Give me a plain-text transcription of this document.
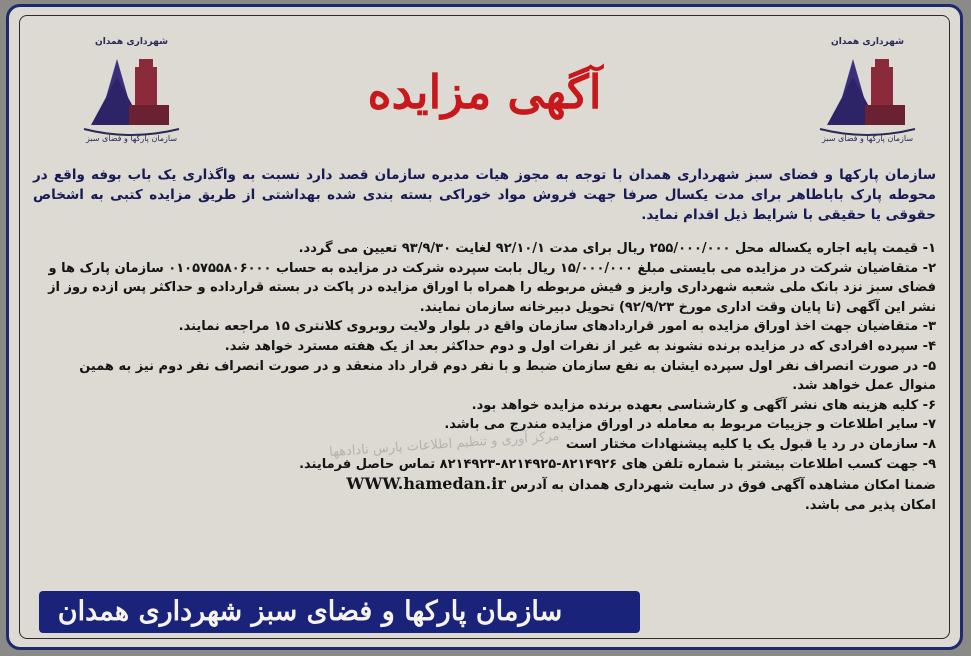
شهرداری همدان
سازمان پارکها و فضای سبز
شهرداری همدان
سازمان پارکها و فضای سبز
آگهی مزایده
سازمان پارکها و فضای سبز شهرداری همدان با توجه به مجوز هیات مدیره سازمان قصد دارد نسبت به واگذاری یک باب بوفه واقع در محوطه پارک باباطاهر برای مدت یکسال صرفا جهت فروش مواد خوراکی بسته بندی شده بهداشتی از طریق مزایده کتبی به اشخاص حقوقی یا حقیقی با شرایط ذیل اقدام نماید.

۱- قیمت پایه اجاره یکساله محل ۲۵۵/۰۰۰/۰۰۰ ریال برای مدت ۹۲/۱۰/۱ لغایت ۹۳/۹/۳۰ تعیین می گردد.

۲- متقاضیان شرکت در مزایده می بایستی مبلغ ۱۵/۰۰۰/۰۰۰ ریال بابت سپرده شرکت در مزایده به حساب ۰۱۰۵۷۵۵۸۰۶۰۰۰ سازمان پارک ها و فضای سبز نزد بانک ملی شعبه شهرداری واریز و فیش مربوطه را همراه با اوراق مزایده در پاکت در بسته قرارداده و حداکثر پس ازده روز از نشر این آگهی (تا پایان وقت اداری مورخ ۹۲/۹/۲۳) تحویل دبیرخانه سازمان نمایند.

۳- متقاضیان جهت اخذ اوراق مزایده به امور قراردادهای سازمان واقع در بلوار ولایت روبروی کلانتری ۱۵ مراجعه نمایند.

۴- سپرده افرادی که در مزایده برنده نشوند به غیر از نفرات اول و دوم حداکثر بعد از یک هفته مسترد خواهد شد.

۵- در صورت انصراف نفر اول سپرده ایشان به نفع سازمان ضبط و با نفر دوم قرار داد منعقد و در صورت انصراف نفر دوم نیز به همین منوال عمل خواهد شد.

۶- کلیه هزینه های نشر آگهی و کارشناسی بعهده برنده مزایده خواهد بود.

۷- سایر اطلاعات و جزییات مربوط به معامله در اوراق مزایده مندرج می باشد.

۸- سازمان در رد یا قبول یک یا کلیه پیشنهادات مختار است

۹- جهت کسب اطلاعات بیشتر با شماره تلفن های ۸۲۱۴۹۲۶-۸۲۱۴۹۲۵-۸۲۱۴۹۲۳ تماس حاصل فرمایند.

ضمنا امکان مشاهده آگهی فوق در سایت شهرداری همدان به آدرس WWW.hamedan.ir

امکان پذیر می باشد.

مرکز آوری و تنظیم اطلاعات پارس نادادهها
سازمان پارکها و فضای سبز شهرداری همدان
